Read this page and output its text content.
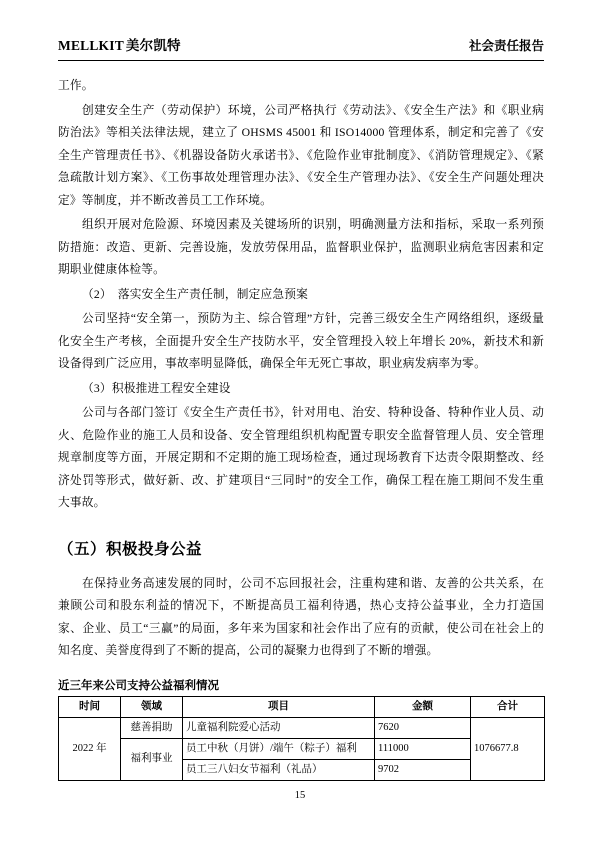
MELLKIT 美尔凯特	社会责任报告

工作。

创建安全生产（劳动保护）环境，公司严格执行《劳动法》、《安全生产法》和《职业病防治法》等相关法律法规，建立了 OHSMS 45001 和 ISO14000 管理体系，制定和完善了《安全生产管理责任书》、《机器设备防火承诺书》、《危险作业审批制度》、《消防管理规定》、《紧急疏散计划方案》、《工伤事故处理管理办法》、《安全生产管理办法》、《安全生产问题处理决定》等制度，并不断改善员工工作环境。

组织开展对危险源、环境因素及关键场所的识别，明确测量方法和指标，采取一系列预防措施：改造、更新、完善设施，发放劳保用品，监督职业保护，监测职业病危害因素和定期职业健康体检等。

（2）　落实安全生产责任制，制定应急预案

公司坚持“安全第一，预防为主、综合管理”方针，完善三级安全生产网络组织，逐级量化安全生产考核，全面提升安全生产技防水平，安全管理投入较上年增长 20%，新技术和新设备得到广泛应用，事故率明显降低，确保全年无死亡事故，职业病发病率为零。

（3）积极推进工程安全建设

公司与各部门签订《安全生产责任书》，针对用电、治安、特种设备、特种作业人员、动火、危险作业的施工人员和设备、安全管理组织机构配置专职安全监督管理人员、安全管理规章制度等方面，开展定期和不定期的施工现场检查，通过现场教育下达责令限期整改、经济处罚等形式，做好新、改、扩建项目“三同时”的安全工作，确保工程在施工期间不发生重大事故。

（五）积极投身公益

在保持业务高速发展的同时，公司不忘回报社会，注重构建和谐、友善的公共关系，在兼顾公司和股东利益的情况下，不断提高员工福利待遇，热心支持公益事业，全力打造国家、企业、员工“三赢”的局面，多年来为国家和社会作出了应有的贡献，使公司在社会上的知名度、美誉度得到了不断的提高，公司的凝聚力也得到了不断的增强。

近三年来公司支持公益福利情况
时间	领域	项目	金额	合计
2022 年	慈善捐助	儿童福利院爱心活动	7620	1076677.8
	福利事业	员工中秋（月饼）/端午（粽子）福利	111000	
		员工三八妇女节福利（礼品）	9702	
15
